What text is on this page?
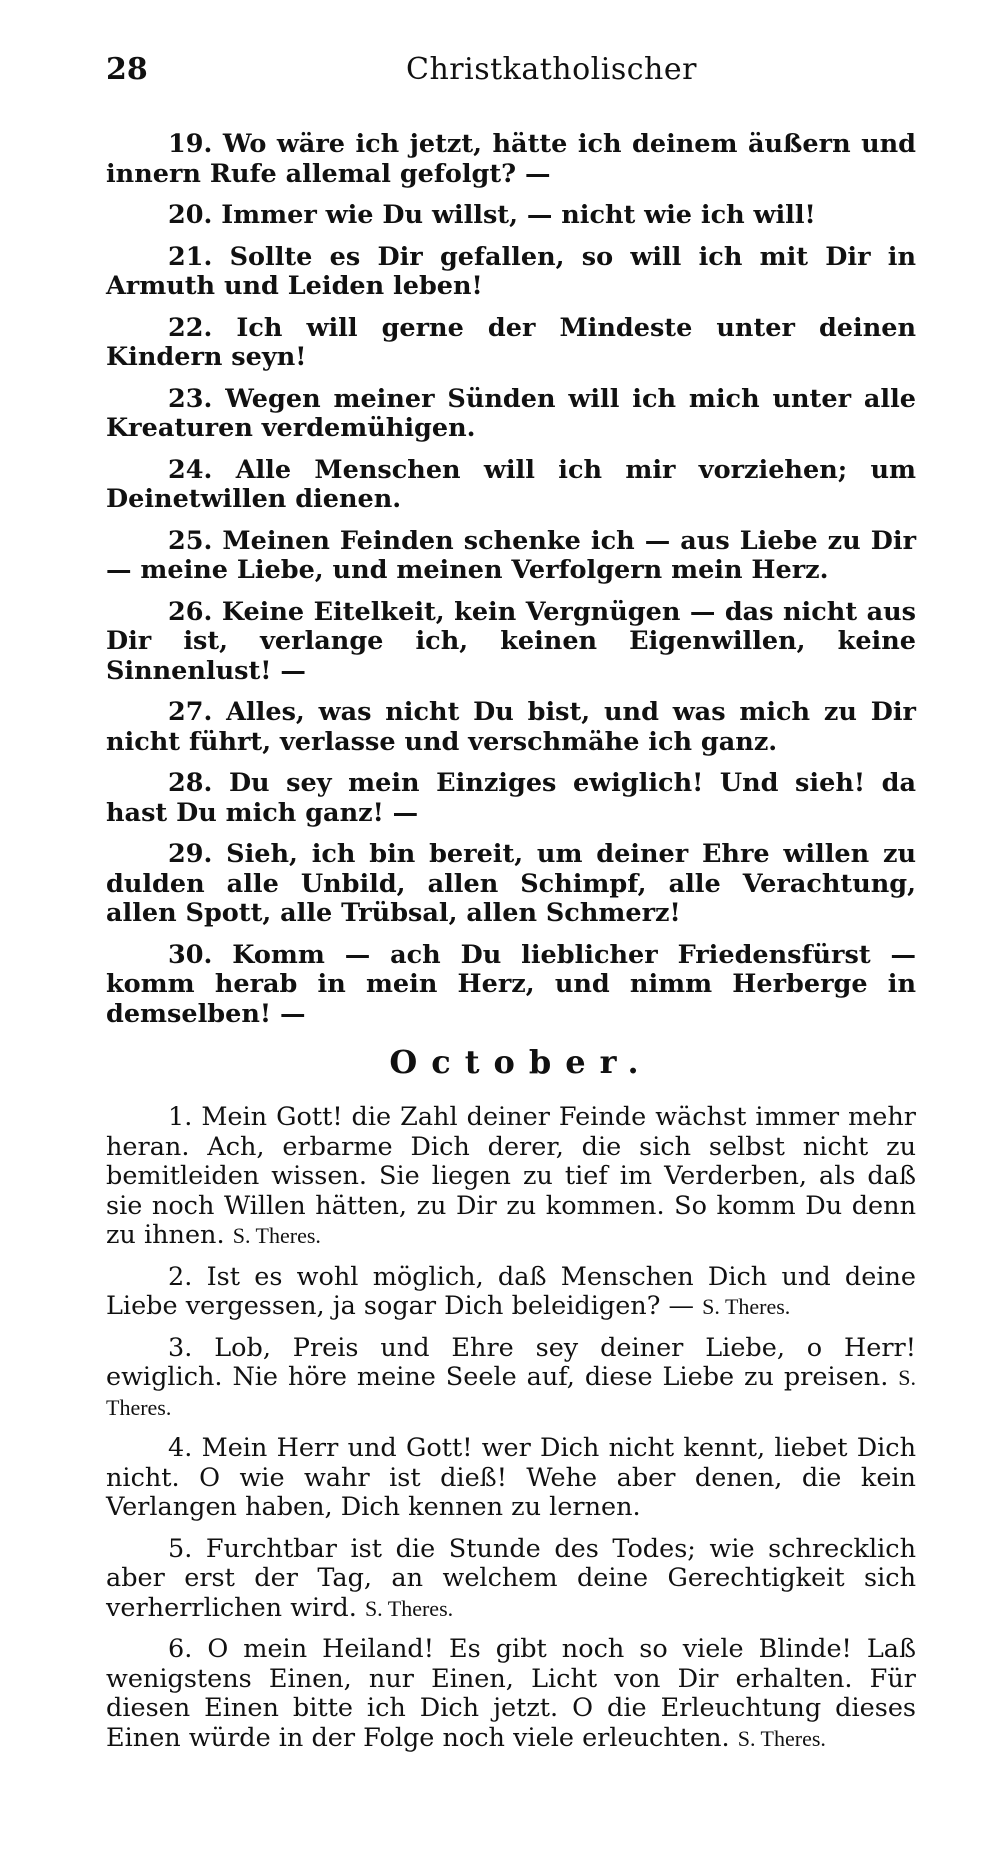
28	Christkatholischer

19. Wo wäre ich jetzt, hätte ich deinem äußern und innern Rufe allemal gefolgt? —

20. Immer wie Du willst, — nicht wie ich will!

21. Sollte es Dir gefallen, so will ich mit Dir in Armuth und Leiden leben!

22. Ich will gerne der Mindeste unter deinen Kindern seyn!

23. Wegen meiner Sünden will ich mich unter alle Kreaturen verdemühigen.

24. Alle Menschen will ich mir vorziehen; um Deinetwillen dienen.

25. Meinen Feinden schenke ich — aus Liebe zu Dir — meine Liebe, und meinen Verfolgern mein Herz.

26. Keine Eitelkeit, kein Vergnügen — das nicht aus Dir ist, verlange ich, keinen Eigenwillen, keine Sinnenlust! —

27. Alles, was nicht Du bist, und was mich zu Dir nicht führt, verlasse und verschmähe ich ganz.

28. Du sey mein Einziges ewiglich! Und sieh! da hast Du mich ganz! —

29. Sieh, ich bin bereit, um deiner Ehre willen zu dulden alle Unbild, allen Schimpf, alle Verachtung, allen Spott, alle Trübsal, allen Schmerz!

30. Komm — ach Du lieblicher Friedensfürst — komm herab in mein Herz, und nimm Herberge in demselben! —

October.

1. Mein Gott! die Zahl deiner Feinde wächst immer mehr heran. Ach, erbarme Dich derer, die sich selbst nicht zu bemitleiden wissen. Sie liegen zu tief im Verderben, als daß sie noch Willen hätten, zu Dir zu kommen. So komm Du denn zu ihnen. S. Theres.

2. Ist es wohl möglich, daß Menschen Dich und deine Liebe vergessen, ja sogar Dich beleidigen? — S. Theres.

3. Lob, Preis und Ehre sey deiner Liebe, o Herr! ewiglich. Nie höre meine Seele auf, diese Liebe zu preisen. S. Theres.

4. Mein Herr und Gott! wer Dich nicht kennt, liebet Dich nicht. O wie wahr ist dieß! Wehe aber denen, die kein Verlangen haben, Dich kennen zu lernen.

5. Furchtbar ist die Stunde des Todes; wie schrecklich aber erst der Tag, an welchem deine Gerechtigkeit sich verherrlichen wird. S. Theres.

6. O mein Heiland! Es gibt noch so viele Blinde! Laß wenigstens Einen, nur Einen, Licht von Dir erhalten. Für diesen Einen bitte ich Dich jetzt. O die Erleuchtung dieses Einen würde in der Folge noch viele erleuchten. S. Theres.
